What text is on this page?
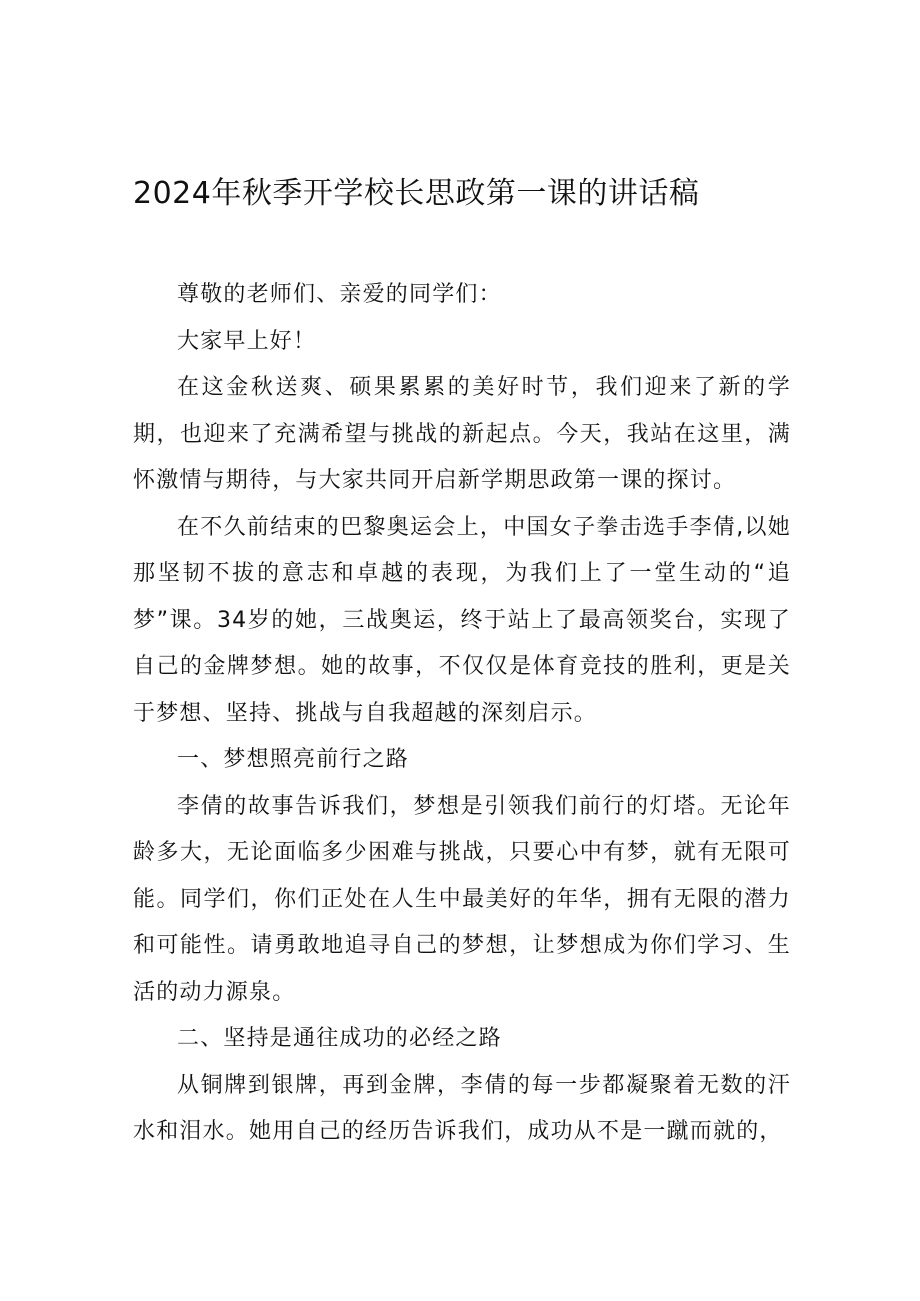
2024年秋季开学校长思政第一课的讲话稿

尊敬的老师们、亲爱的同学们：

大家早上好！

在这金秋送爽、硕果累累的美好时节，我们迎来了新的学期，也迎来了充满希望与挑战的新起点。今天，我站在这里，满怀激情与期待，与大家共同开启新学期思政第一课的探讨。

在不久前结束的巴黎奥运会上，中国女子拳击选手李倩,以她那坚韧不拔的意志和卓越的表现，为我们上了一堂生动的“追梦”课。34岁的她，三战奥运，终于站上了最高领奖台，实现了自己的金牌梦想。她的故事，不仅仅是体育竞技的胜利，更是关于梦想、坚持、挑战与自我超越的深刻启示。

一、梦想照亮前行之路

李倩的故事告诉我们，梦想是引领我们前行的灯塔。无论年龄多大，无论面临多少困难与挑战，只要心中有梦，就有无限可能。同学们，你们正处在人生中最美好的年华，拥有无限的潜力和可能性。请勇敢地追寻自己的梦想，让梦想成为你们学习、生活的动力源泉。

二、坚持是通往成功的必经之路

从铜牌到银牌，再到金牌，李倩的每一步都凝聚着无数的汗水和泪水。她用自己的经历告诉我们，成功从不是一蹴而就的，
